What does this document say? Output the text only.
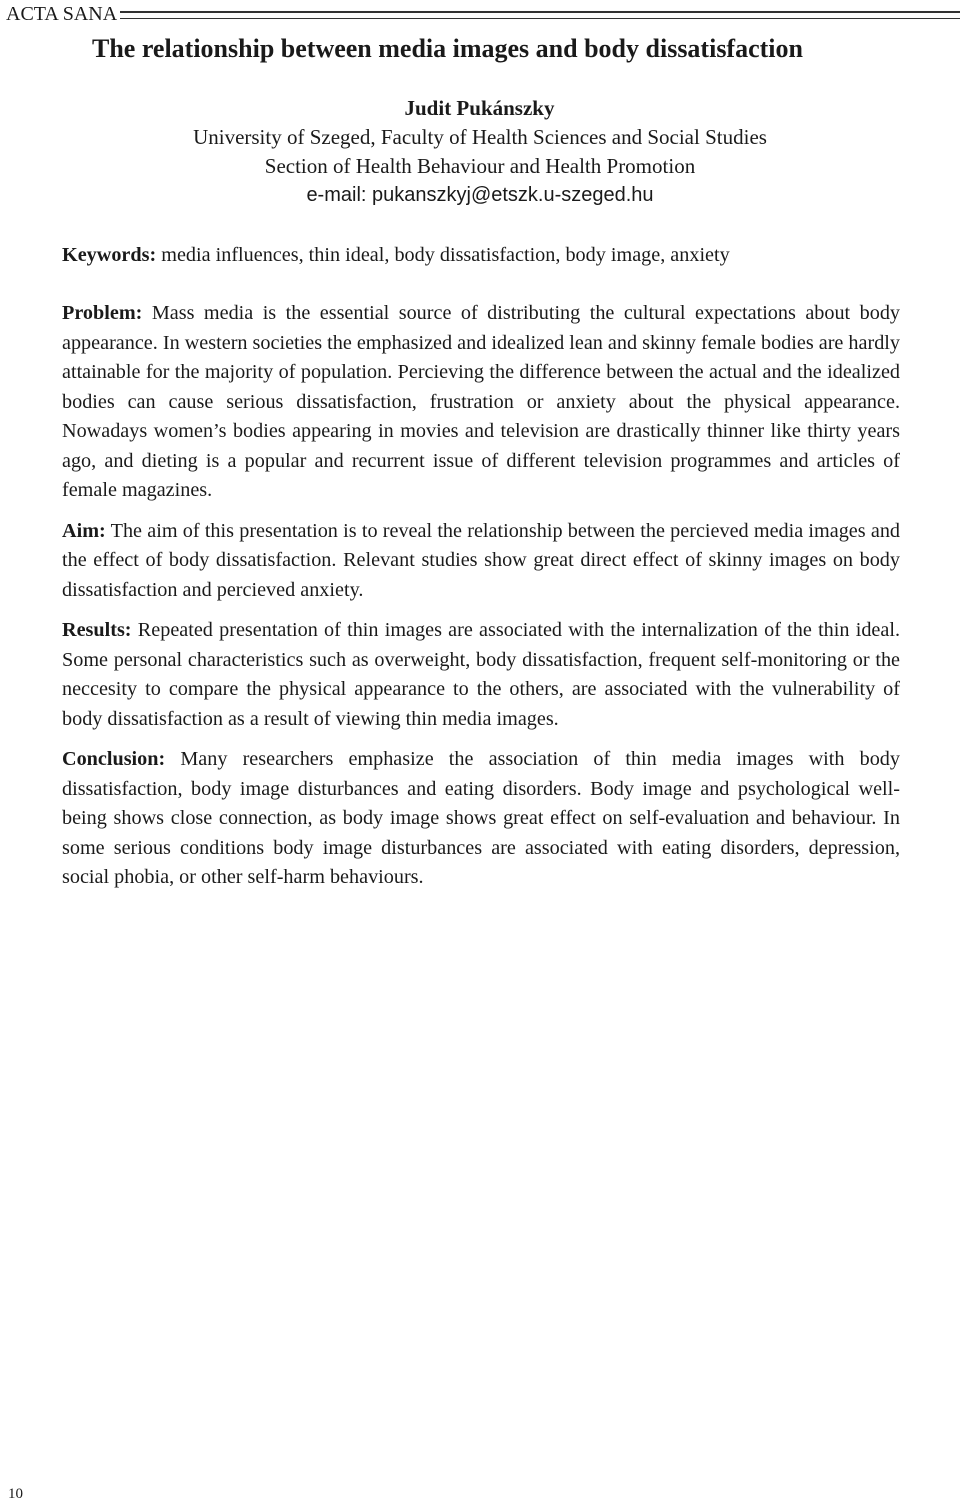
ACTA SANA
The relationship between media images and body dissatisfaction
Judit Pukánszky
University of Szeged, Faculty of Health Sciences and Social Studies
Section of Health Behaviour and Health Promotion
e-mail: pukanszkyj@etszk.u-szeged.hu
Keywords: media influences, thin ideal, body dissatisfaction, body image, anxiety

Problem: Mass media is the essential source of distributing the cultural expectations about body appearance. In western societies the emphasized and idealized lean and skinny female bodies are hardly attainable for the majority of population. Percieving the difference between the actual and the idealized bodies can cause serious dissatisfaction, frustration or anxiety about the physical appearance. Nowadays women’s bodies appearing in movies and television are drastically thinner like thirty years ago, and dieting is a popular and recurrent issue of different television programmes and articles of female magazines.

Aim: The aim of this presentation is to reveal the relationship between the percieved media images and the effect of body dissatisfaction. Relevant studies show great direct effect of skinny images on body dissatisfaction and percieved anxiety.

Results: Repeated presentation of thin images are associated with the internalization of the thin ideal. Some personal characteristics such as overweight, body dissatisfaction, frequent self-monitoring or the neccesity to compare the physical appearance to the others, are associated with the vulnerability of body dissatisfaction as a result of viewing thin media images.

Conclusion: Many researchers emphasize the association of thin media images with body dissatisfaction, body image disturbances and eating disorders. Body image and psychological well-being shows close connection, as body image shows great effect on self-evaluation and behaviour. In some serious conditions body image disturbances are associated with eating disorders, depression, social phobia, or other self-harm behaviours.

10
